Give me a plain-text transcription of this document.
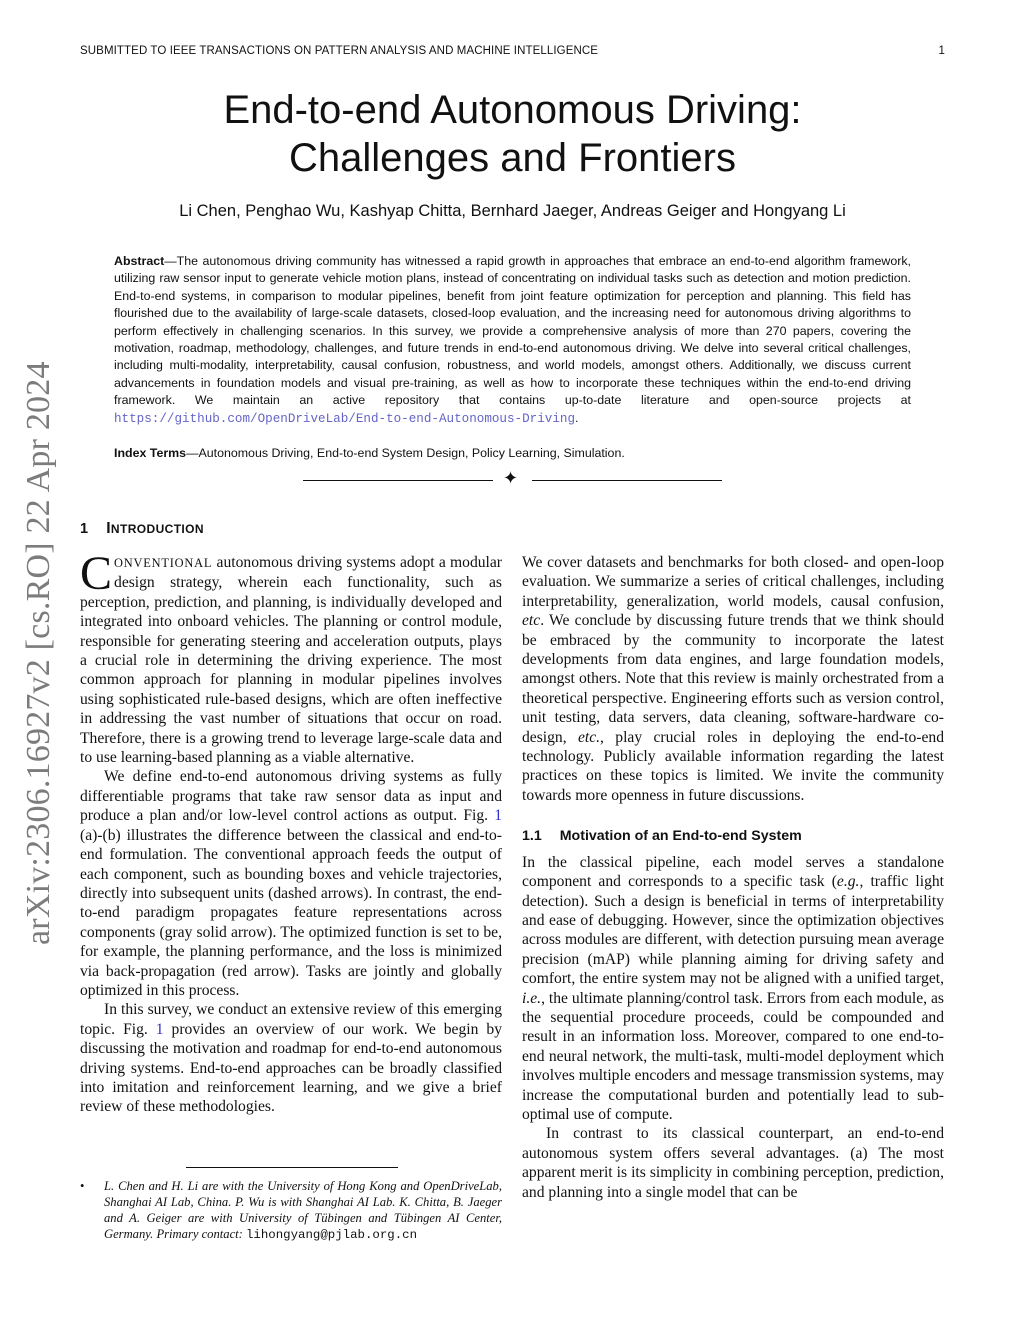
SUBMITTED TO IEEE TRANSACTIONS ON PATTERN ANALYSIS AND MACHINE INTELLIGENCE	1
End-to-end Autonomous Driving:
Challenges and Frontiers
Li Chen, Penghao Wu, Kashyap Chitta, Bernhard Jaeger, Andreas Geiger and Hongyang Li

Abstract—The autonomous driving community has witnessed a rapid growth in approaches that embrace an end-to-end algorithm framework, utilizing raw sensor input to generate vehicle motion plans, instead of concentrating on individual tasks such as detection and motion prediction. End-to-end systems, in comparison to modular pipelines, benefit from joint feature optimization for perception and planning. This field has flourished due to the availability of large-scale datasets, closed-loop evaluation, and the increasing need for autonomous driving algorithms to perform effectively in challenging scenarios. In this survey, we provide a comprehensive analysis of more than 270 papers, covering the motivation, roadmap, methodology, challenges, and future trends in end-to-end autonomous driving. We delve into several critical challenges, including multi-modality, interpretability, causal confusion, robustness, and world models, amongst others. Additionally, we discuss current advancements in foundation models and visual pre-training, as well as how to incorporate these techniques within the end-to-end driving framework. We maintain an active repository that contains up-to-date literature and open-source projects at https://github.com/OpenDriveLab/End-to-end-Autonomous-Driving.

Index Terms—Autonomous Driving, End-to-end System Design, Policy Learning, Simulation.

✦
arXiv:2306.16927v2 [cs.RO] 22 Apr 2024 1 INTRODUCTION

CONVENTIONAL autonomous driving systems adopt a modular design strategy, wherein each functionality, such as perception, prediction, and planning, is individually developed and integrated into onboard vehicles. The planning or control module, responsible for generating steering and acceleration outputs, plays a crucial role in determining the driving experience. The most common approach for planning in modular pipelines involves using sophisticated rule-based designs, which are often ineffective in addressing the vast number of situations that occur on road. Therefore, there is a growing trend to leverage large-scale data and to use learning-based planning as a viable alternative.

We define end-to-end autonomous driving systems as fully differentiable programs that take raw sensor data as input and produce a plan and/or low-level control actions as output. Fig. 1 (a)-(b) illustrates the difference between the classical and end-to-end formulation. The conventional approach feeds the output of each component, such as bounding boxes and vehicle trajectories, directly into subsequent units (dashed arrows). In contrast, the end-to-end paradigm propagates feature representations across components (gray solid arrow). The optimized function is set to be, for example, the planning performance, and the loss is minimized via back-propagation (red arrow). Tasks are jointly and globally optimized in this process.

In this survey, we conduct an extensive review of this emerging topic. Fig. 1 provides an overview of our work. We begin by discussing the motivation and roadmap for end-to-end autonomous driving systems. End-to-end approaches can be broadly classified into imitation and reinforcement learning, and we give a brief review of these methodologies.

• L. Chen and H. Li are with the University of Hong Kong and OpenDriveLab, Shanghai AI Lab, China. P. Wu is with Shanghai AI Lab. K. Chitta, B. Jaeger and A. Geiger are with University of Tübingen and Tübingen AI Center, Germany. Primary contact: lihongyang@pjlab.org.cn

We cover datasets and benchmarks for both closed- and open-loop evaluation. We summarize a series of critical challenges, including interpretability, generalization, world models, causal confusion, etc. We conclude by discussing future trends that we think should be embraced by the community to incorporate the latest developments from data engines, and large foundation models, amongst others. Note that this review is mainly orchestrated from a theoretical perspective. Engineering efforts such as version control, unit testing, data servers, data cleaning, software-hardware co-design, etc., play crucial roles in deploying the end-to-end technology. Publicly available information regarding the latest practices on these topics is limited. We invite the community towards more openness in future discussions.

1.1 Motivation of an End-to-end System

In the classical pipeline, each model serves a standalone component and corresponds to a specific task (e.g., traffic light detection). Such a design is beneficial in terms of interpretability and ease of debugging. However, since the optimization objectives across modules are different, with detection pursuing mean average precision (mAP) while planning aiming for driving safety and comfort, the entire system may not be aligned with a unified target, i.e., the ultimate planning/control task. Errors from each module, as the sequential procedure proceeds, could be compounded and result in an information loss. Moreover, compared to one end-to-end neural network, the multi-task, multi-model deployment which involves multiple encoders and message transmission systems, may increase the computational burden and potentially lead to sub-optimal use of compute.

In contrast to its classical counterpart, an end-to-end autonomous system offers several advantages. (a) The most apparent merit is its simplicity in combining perception, prediction, and planning into a single model that can be
